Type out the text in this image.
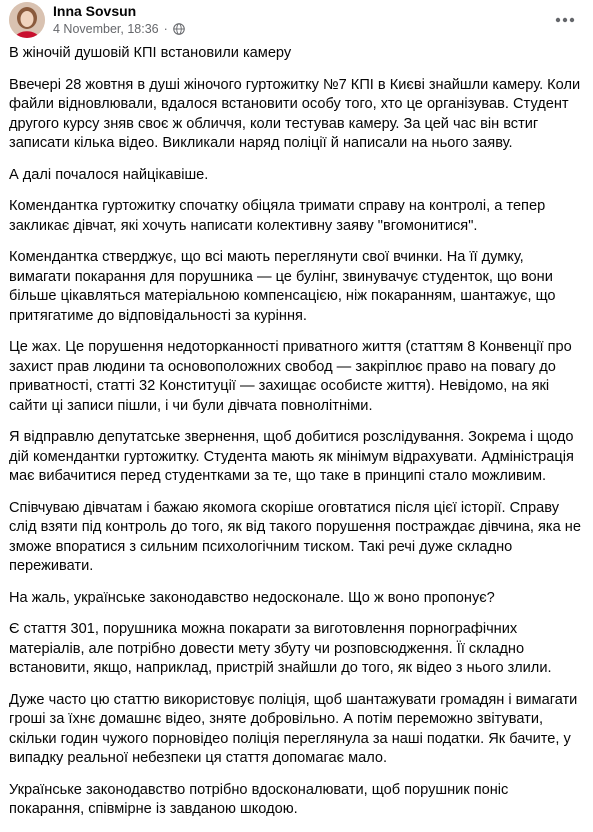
Inna Sovsun
4 November, 18:36 ·

В жіночій душовій КПІ встановили камеру

Ввечері 28 жовтня в душі жіночого гуртожитку №7 КПІ в Києві знайшли камеру. Коли файли відновлювали, вдалося встановити особу того, хто це організував. Студент другого курсу зняв своє ж обличчя, коли тестував камеру. За цей час він встиг записати кілька відео. Викликали наряд поліції й написали на нього заяву.

А далі почалося найцікавіше.

Комендантка гуртожитку спочатку обіцяла тримати справу на контролі, а тепер закликає дівчат, які хочуть написати колективну заяву "вгомонитися".

Комендантка стверджує, що всі мають переглянути свої вчинки. На її думку, вимагати покарання для порушника — це булінг, звинувачує студенток, що вони більше цікавляться матеріальною компенсацією, ніж покаранням, шантажує, що притягатиме до відповідальності за куріння.

Це жах. Це порушення недоторканності приватного життя (статтям 8 Конвенції про захист прав людини та основоположних свобод — закріплює право на повагу до приватності, статті 32 Конституції — захищає особисте життя). Невідомо, на які сайти ці записи пішли, і чи були дівчата повнолітніми.

Я відправлю депутатське звернення, щоб добитися розслідування. Зокрема і щодо дій комендантки гуртожитку. Студента мають як мінімум відрахувати. Адміністрація має вибачитися перед студентками за те, що таке в принципі стало можливим.

Співчуваю дівчатам і бажаю якомога скоріше оговтатися після цієї історії. Справу слід взяти під контроль до того, як від такого порушення постраждає дівчина, яка не зможе впоратися з сильним психологічним тиском. Такі речі дуже складно переживати.

На жаль, українське законодавство недосконале. Що ж воно пропонує?

Є стаття 301, порушника можна покарати за виготовлення порнографічних матеріалів, але потрібно довести мету збуту чи розповсюдження. Її складно встановити, якщо, наприклад, пристрій знайшли до того, як відео з нього злили.

Дуже часто цю статтю використовує поліція, щоб шантажувати громадян і вимагати гроші за їхнє домашнє відео, зняте добровільно. А потім переможно звітувати, скільки годин чужого порновідео поліція переглянула за наші податки. Як бачите, у випадку реальної небезпеки ця стаття допомагає мало.

Українське законодавство потрібно вдосконалювати, щоб порушник поніс покарання, співмірне із завданою шкодою.
